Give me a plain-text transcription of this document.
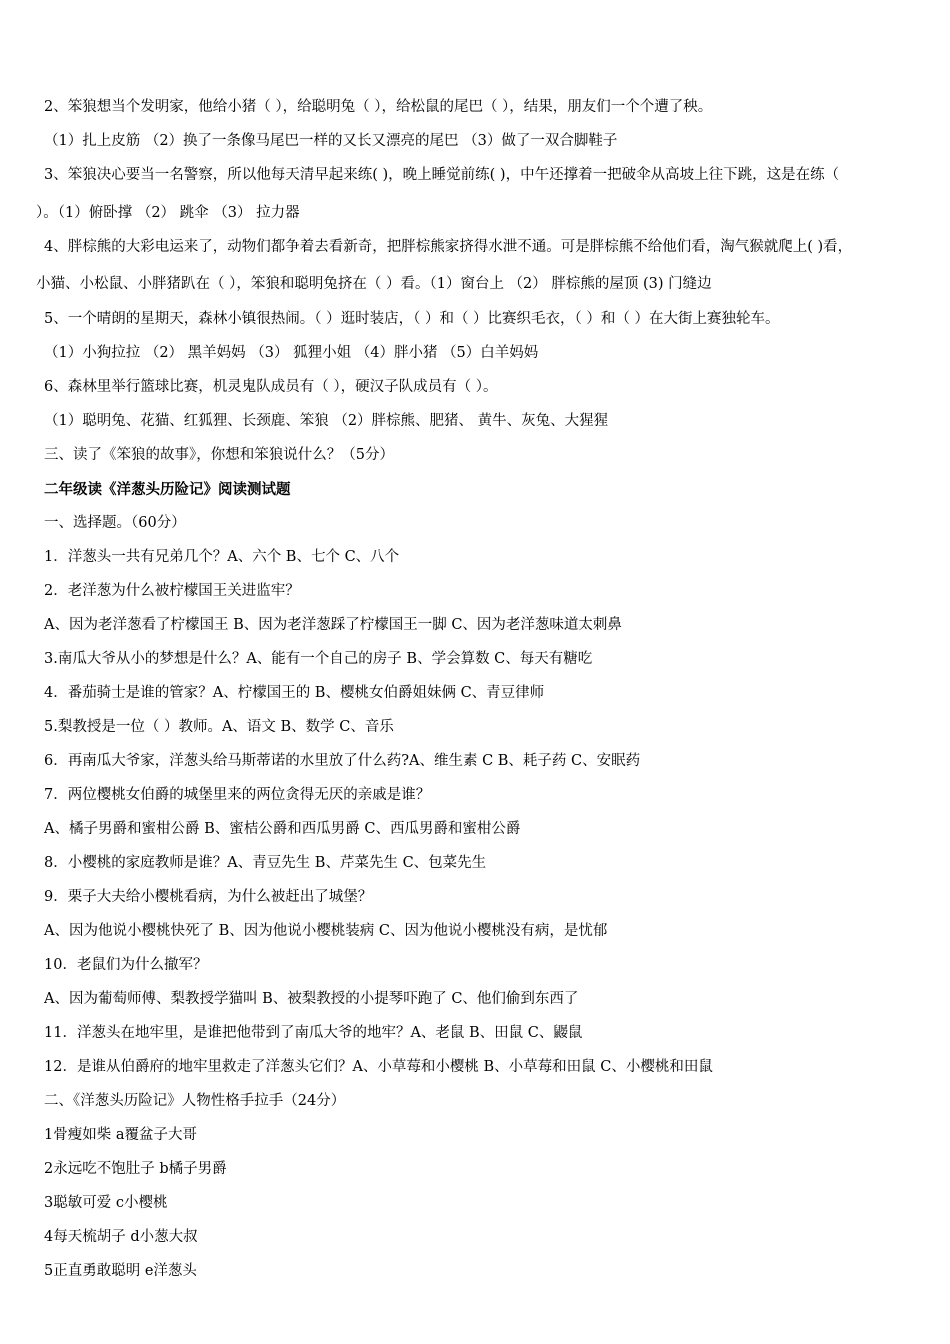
2、笨狼想当个发明家，他给小猪（ ），给聪明兔（ ），给松鼠的尾巴（ ），结果，朋友们一个个遭了秧。
（1）扎上皮筋 （2）换了一条像马尾巴一样的又长又漂亮的尾巴 （3）做了一双合脚鞋子
3、笨狼决心要当一名警察，所以他每天清早起来练( )，晚上睡觉前练( )，中午还撑着一把破伞从高坡上往下跳，这是在练（
）。（1）俯卧撑 （2） 跳伞 （3） 拉力器
4、胖棕熊的大彩电运来了，动物们都争着去看新奇，把胖棕熊家挤得水泄不通。可是胖棕熊不给他们看，淘气猴就爬上( )看，
小猫、小松鼠、小胖猪趴在（ ），笨狼和聪明兔挤在（ ）看。（1）窗台上 （2） 胖棕熊的屋顶 (3) 门缝边
5、一个晴朗的星期天，森林小镇很热闹。（ ）逛时装店，（ ）和（ ）比赛织毛衣，（ ）和（ ）在大街上赛独轮车。
（1）小狗拉拉 （2） 黑羊妈妈 （3） 狐狸小姐 （4）胖小猪 （5）白羊妈妈
6、森林里举行篮球比赛，机灵鬼队成员有（ ），硬汉子队成员有（ ）。
（1）聪明兔、花猫、红狐狸、长颈鹿、笨狼 （2）胖棕熊、肥猪、 黄牛、灰兔、大猩猩
三、读了《笨狼的故事》，你想和笨狼说什么？（5分）
二年级读《洋葱头历险记》阅读测试题
一、选择题。（60分）
1．洋葱头一共有兄弟几个？A、六个 B、七个 C、八个
2．老洋葱为什么被柠檬国王关进监牢？
A、因为老洋葱看了柠檬国王 B、因为老洋葱踩了柠檬国王一脚 C、因为老洋葱味道太刺鼻
3.南瓜大爷从小的梦想是什么？A、能有一个自己的房子 B、学会算数 C、每天有糖吃
4．番茄骑士是谁的管家？A、柠檬国王的 B、樱桃女伯爵姐妹俩 C、青豆律师
5.梨教授是一位（ ）教师。A、语文 B、数学 C、音乐
6．再南瓜大爷家，洋葱头给马斯蒂诺的水里放了什么药?A、维生素 C B、耗子药 C、安眠药
7．两位樱桃女伯爵的城堡里来的两位贪得无厌的亲戚是谁？
A、橘子男爵和蜜柑公爵 B、蜜桔公爵和西瓜男爵 C、西瓜男爵和蜜柑公爵
8．小樱桃的家庭教师是谁？A、青豆先生 B、芹菜先生 C、包菜先生
9．栗子大夫给小樱桃看病，为什么被赶出了城堡？
A、因为他说小樱桃快死了 B、因为他说小樱桃装病 C、因为他说小樱桃没有病，是忧郁
10．老鼠们为什么撤军？
A、因为葡萄师傅、梨教授学猫叫 B、被梨教授的小提琴吓跑了 C、他们偷到东西了
11．洋葱头在地牢里，是谁把他带到了南瓜大爷的地牢？A、老鼠 B、田鼠 C、鼹鼠
12．是谁从伯爵府的地牢里救走了洋葱头它们？A、小草莓和小樱桃 B、小草莓和田鼠 C、小樱桃和田鼠
二、《洋葱头历险记》人物性格手拉手（24分）
1骨瘦如柴 a覆盆子大哥
2永远吃不饱肚子 b橘子男爵
3聪敏可爱 c小樱桃
4每天梳胡子 d小葱大叔
5正直勇敢聪明 e洋葱头
